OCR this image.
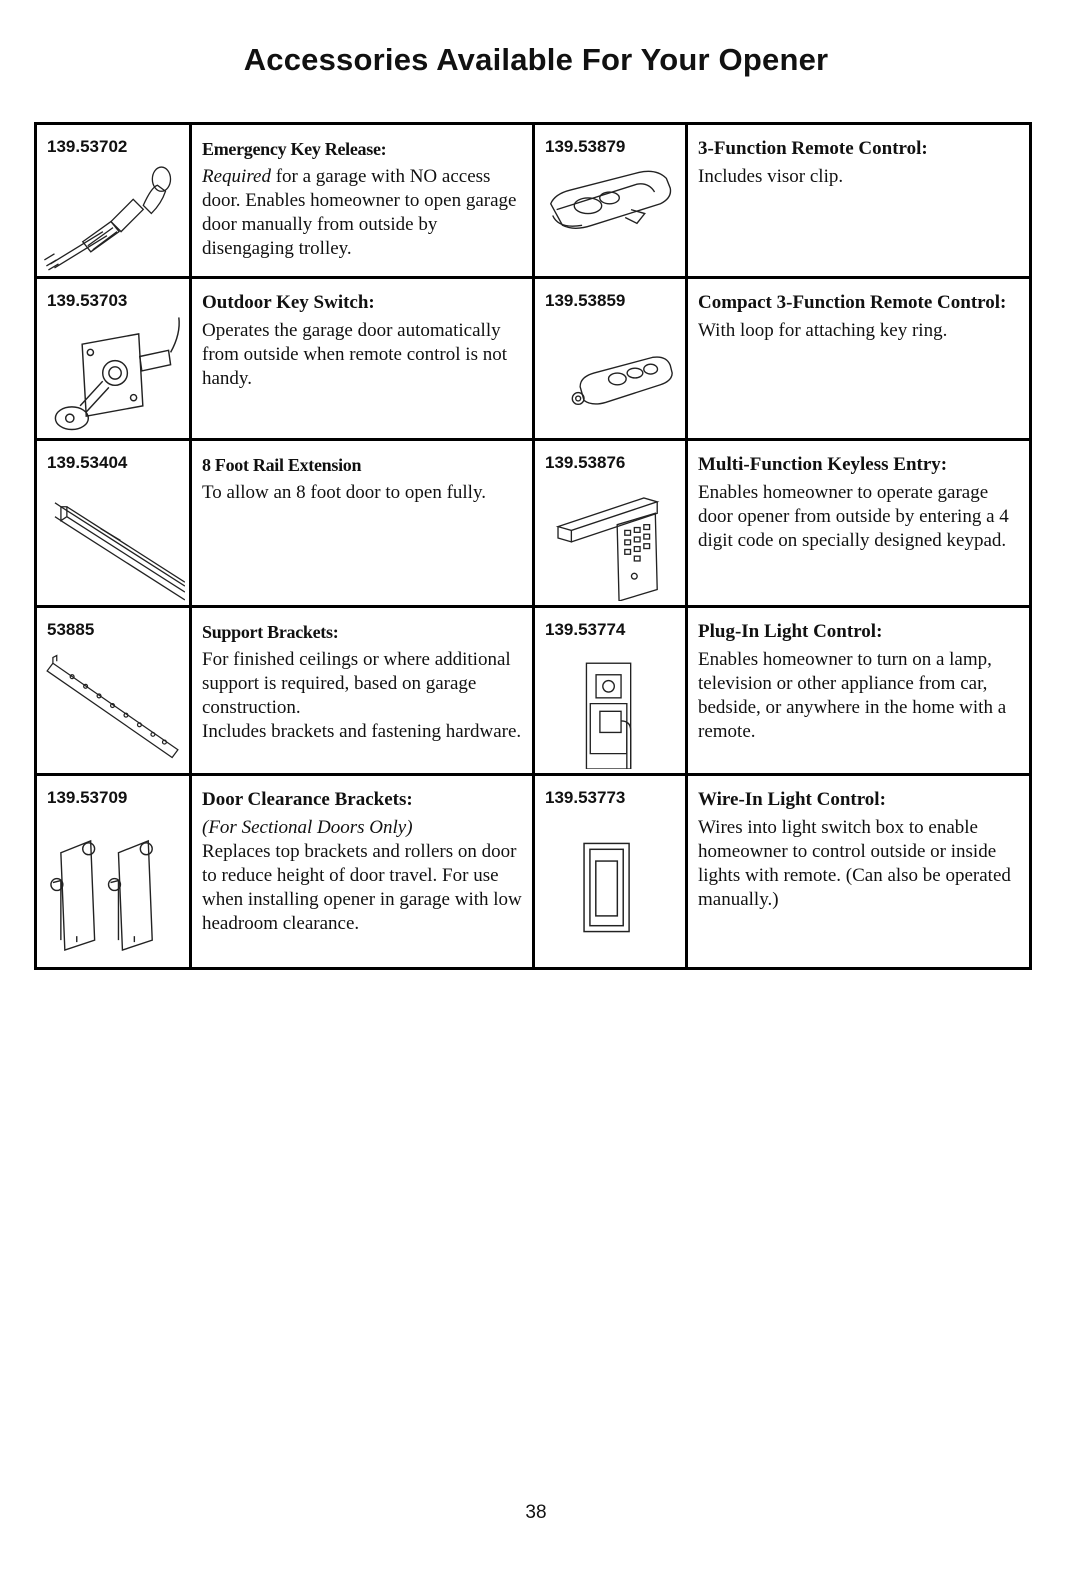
Accessories Available For Your Opener
139.53702	Emergency Key Release:
Required for a garage with NO access door. Enables homeowner to open garage door manually from outside by disengaging trolley.
139.53879	3-Function Remote Control:
Includes visor clip.
139.53703	Outdoor Key Switch:
Operates the garage door automatically from outside when remote control is not handy.
139.53859	Compact 3-Function Remote Control:
With loop for attaching key ring.
139.53404	8 Foot Rail Extension
To allow an 8 foot door to open fully.
139.53876	Multi-Function Keyless Entry:
Enables homeowner to operate garage door opener from outside by entering a 4 digit code on specially designed keypad.
53885	Support Brackets:
For finished ceilings or where additional support is required, based on garage construction.
Includes brackets and fastening hardware.
139.53774	Plug-In Light Control:
Enables homeowner to turn on a lamp, television or other appliance from car, bedside, or anywhere in the home with a remote.
139.53709	Door Clearance Brackets:
(For Sectional Doors Only)
Replaces top brackets and rollers on door to reduce height of door travel. For use when installing opener in garage with low headroom clearance.
139.53773	Wire-In Light Control:
Wires into light switch box to enable homeowner to control outside or inside lights with remote. (Can also be operated manually.)
38
